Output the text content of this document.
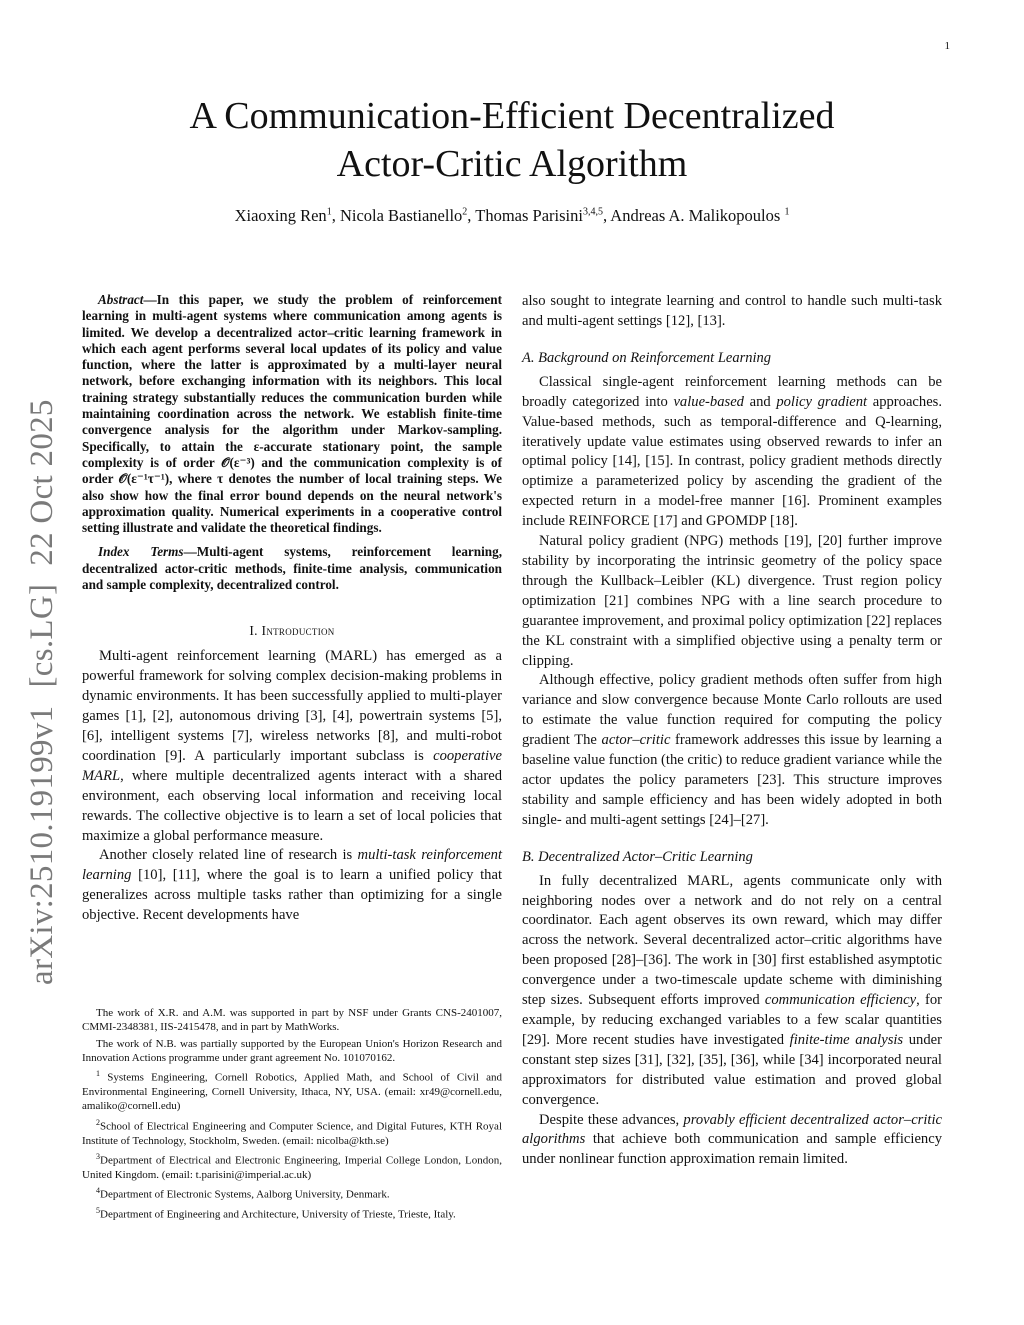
1
A Communication-Efficient Decentralized
Actor-Critic Algorithm
Xiaoxing Ren$^1$, Nicola Bastianello$^2$, Thomas Parisini$^{3,4,5}$, Andreas A. Malikopoulos $^1$
arXiv:2510.19199v1[cs.LG]22 Oct 2025

Abstract—In this paper, we study the problem of reinforcement learning in multi-agent systems where communication among agents is limited. We develop a decentralized actor–critic learning framework in which each agent performs several local updates of its policy and value function, where the latter is approximated by a multi-layer neural network, before exchanging information with its neighbors. This local training strategy substantially reduces the communication burden while maintaining coordination across the network. We establish finite-time convergence analysis for the algorithm under Markov-sampling. Specifically, to attain the ε-accurate stationary point, the sample complexity is of order 𝒪(ε⁻³) and the communication complexity is of order 𝒪(ε⁻¹τ⁻¹), where τ denotes the number of local training steps. We also show how the final error bound depends on the neural network's approximation quality. Numerical experiments in a cooperative control setting illustrate and validate the theoretical findings.

Index Terms—Multi-agent systems, reinforcement learning, decentralized actor-critic methods, finite-time analysis, communication and sample complexity, decentralized control.

I. Introduction

Multi-agent reinforcement learning (MARL) has emerged as a powerful framework for solving complex decision-making problems in dynamic environments. It has been successfully applied to multi-player games [1], [2], autonomous driving [3], [4], powertrain systems [5], [6], intelligent systems [7], wireless networks [8], and multi-robot coordination [9]. A particularly important subclass is cooperative MARL, where multiple decentralized agents interact with a shared environment, each observing local information and receiving local rewards. The collective objective is to learn a set of local policies that maximize a global performance measure.

Another closely related line of research is multi-task reinforcement learning [10], [11], where the goal is to learn a unified policy that generalizes across multiple tasks rather than optimizing for a single objective. Recent developments have

The work of X.R. and A.M. was supported in part by NSF under Grants CNS-2401007, CMMI-2348381, IIS-2415478, and in part by MathWorks.

The work of N.B. was partially supported by the European Union's Horizon Research and Innovation Actions programme under grant agreement No. 101070162.

$^1$ Systems Engineering, Cornell Robotics, Applied Math, and School of Civil and Environmental Engineering, Cornell University, Ithaca, NY, USA. (email: xr49@cornell.edu, amaliko@cornell.edu)

$^2$School of Electrical Engineering and Computer Science, and Digital Futures, KTH Royal Institute of Technology, Stockholm, Sweden. (email: nicolba@kth.se)

$^3$Department of Electrical and Electronic Engineering, Imperial College London, London, United Kingdom. (email: t.parisini@imperial.ac.uk)

$^4$Department of Electronic Systems, Aalborg University, Denmark.

$^5$Department of Engineering and Architecture, University of Trieste, Trieste, Italy.

also sought to integrate learning and control to handle such multi-task and multi-agent settings [12], [13].

A. Background on Reinforcement Learning

Classical single-agent reinforcement learning methods can be broadly categorized into value-based and policy gradient approaches. Value-based methods, such as temporal-difference and Q-learning, iteratively update value estimates using observed rewards to infer an optimal policy [14], [15]. In contrast, policy gradient methods directly optimize a parameterized policy by ascending the gradient of the expected return in a model-free manner [16]. Prominent examples include REINFORCE [17] and GPOMDP [18].

Natural policy gradient (NPG) methods [19], [20] further improve stability by incorporating the intrinsic geometry of the policy space through the Kullback–Leibler (KL) divergence. Trust region policy optimization [21] combines NPG with a line search procedure to guarantee improvement, and proximal policy optimization [22] replaces the KL constraint with a simplified objective using a penalty term or clipping.

Although effective, policy gradient methods often suffer from high variance and slow convergence because Monte Carlo rollouts are used to estimate the value function required for computing the policy gradient The actor–critic framework addresses this issue by learning a baseline value function (the critic) to reduce gradient variance while the actor updates the policy parameters [23]. This structure improves stability and sample efficiency and has been widely adopted in both single- and multi-agent settings [24]–[27].

B. Decentralized Actor–Critic Learning

In fully decentralized MARL, agents communicate only with neighboring nodes over a network and do not rely on a central coordinator. Each agent observes its own reward, which may differ across the network. Several decentralized actor–critic algorithms have been proposed [28]–[36]. The work in [30] first established asymptotic convergence under a two-timescale update scheme with diminishing step sizes. Subsequent efforts improved communication efficiency, for example, by reducing exchanged variables to a few scalar quantities [29]. More recent studies have investigated finite-time analysis under constant step sizes [31], [32], [35], [36], while [34] incorporated neural approximators for distributed value estimation and proved global convergence.

Despite these advances, provably efficient decentralized actor–critic algorithms that achieve both communication and sample efficiency under nonlinear function approximation remain limited.
